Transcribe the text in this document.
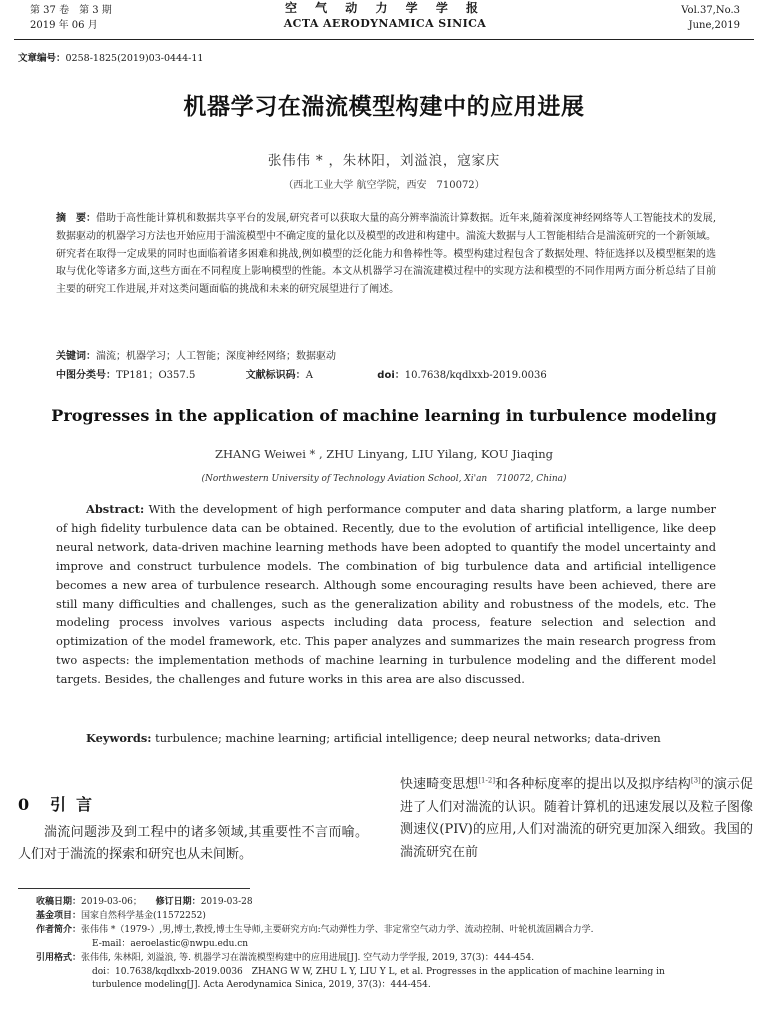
第 37 卷　第 3 期
2019 年 06 月
空 气 动 力 学 学 报
ACTA AERODYNAMICA SINICA
Vol.37,No.3
June,2019
文章编号：0258-1825(2019)03-0444-11
机器学习在湍流模型构建中的应用进展
张伟伟 * ，朱林阳，刘溢浪，寇家庆
（西北工业大学 航空学院，西安　710072）
摘　要：借助于高性能计算机和数据共享平台的发展,研究者可以获取大量的高分辨率湍流计算数据。近年来,随着深度神经网络等人工智能技术的发展,数据驱动的机器学习方法也开始应用于湍流模型中不确定度的量化以及模型的改进和构建中。湍流大数据与人工智能相结合是湍流研究的一个新领域。研究者在取得一定成果的同时也面临着诸多困难和挑战,例如模型的泛化能力和鲁棒性等。模型构建过程包含了数据处理、特征选择以及模型框架的选取与优化等诸多方面,这些方面在不同程度上影响模型的性能。本文从机器学习在湍流建模过程中的实现方法和模型的不同作用两方面分析总结了目前主要的研究工作进展,并对这类问题面临的挑战和未来的研究展望进行了阐述。
关键词：湍流；机器学习；人工智能；深度神经网络；数据驱动
中图分类号：TP181；O357.5	文献标识码：A	doi：10.7638/kqdlxxb-2019.0036
Progresses in the application of machine learning in turbulence modeling
ZHANG Weiwei * , ZHU Linyang, LIU Yilang, KOU Jiaqing
(Northwestern University of Technology Aviation School, Xi'an　710072, China)

Abstract: With the development of high performance computer and data sharing platform, a large number of high fidelity turbulence data can be obtained. Recently, due to the evolution of artificial intelligence, like deep neural network, data-driven machine learning methods have been adopted to quantify the model uncertainty and improve and construct turbulence models. The combination of big turbulence data and artificial intelligence becomes a new area of turbulence research. Although some encouraging results have been achieved, there are still many difficulties and challenges, such as the generalization ability and robustness of the models, etc. The modeling process involves various aspects including data process, feature selection and selection and optimization of the model framework, etc. This paper analyzes and summarizes the main research progress from two aspects: the implementation methods of machine learning in turbulence modeling and the different model targets. Besides, the challenges and future works in this area are also discussed.

Keywords: turbulence; machine learning; artificial intelligence; deep neural networks; data-driven
0 引言
湍流问题涉及到工程中的诸多领域,其重要性不言而喻。人们对于湍流的探索和研究也从未间断。
快速畸变思想[1-2]和各种标度率的提出以及拟序结构[3]的演示促进了人们对湍流的认识。随着计算机的迅速发展以及粒子图像测速仪(PIV)的应用,人们对湍流的研究更加深入细致。我国的湍流研究在前
收稿日期：2019-03-06； 修订日期：2019-03-28
基金项目：国家自然科学基金(11572252)
作者简介：张伟伟 *（1979-）,男,博士,教授,博士生导师,主要研究方向:气动弹性力学、非定常空气动力学、流动控制、叶轮机流固耦合力学.
E-mail：aeroelastic@nwpu.edu.cn
引用格式：张伟伟, 朱林阳, 刘溢浪, 等. 机器学习在湍流模型构建中的应用进展[J]. 空气动力学学报, 2019, 37(3)：444-454.
doi：10.7638/kqdlxxb-2019.0036　ZHANG W W, ZHU L Y, LIU Y L, et al. Progresses in the application of machine learning in
turbulence modeling[J]. Acta Aerodynamica Sinica, 2019, 37(3)：444-454.
